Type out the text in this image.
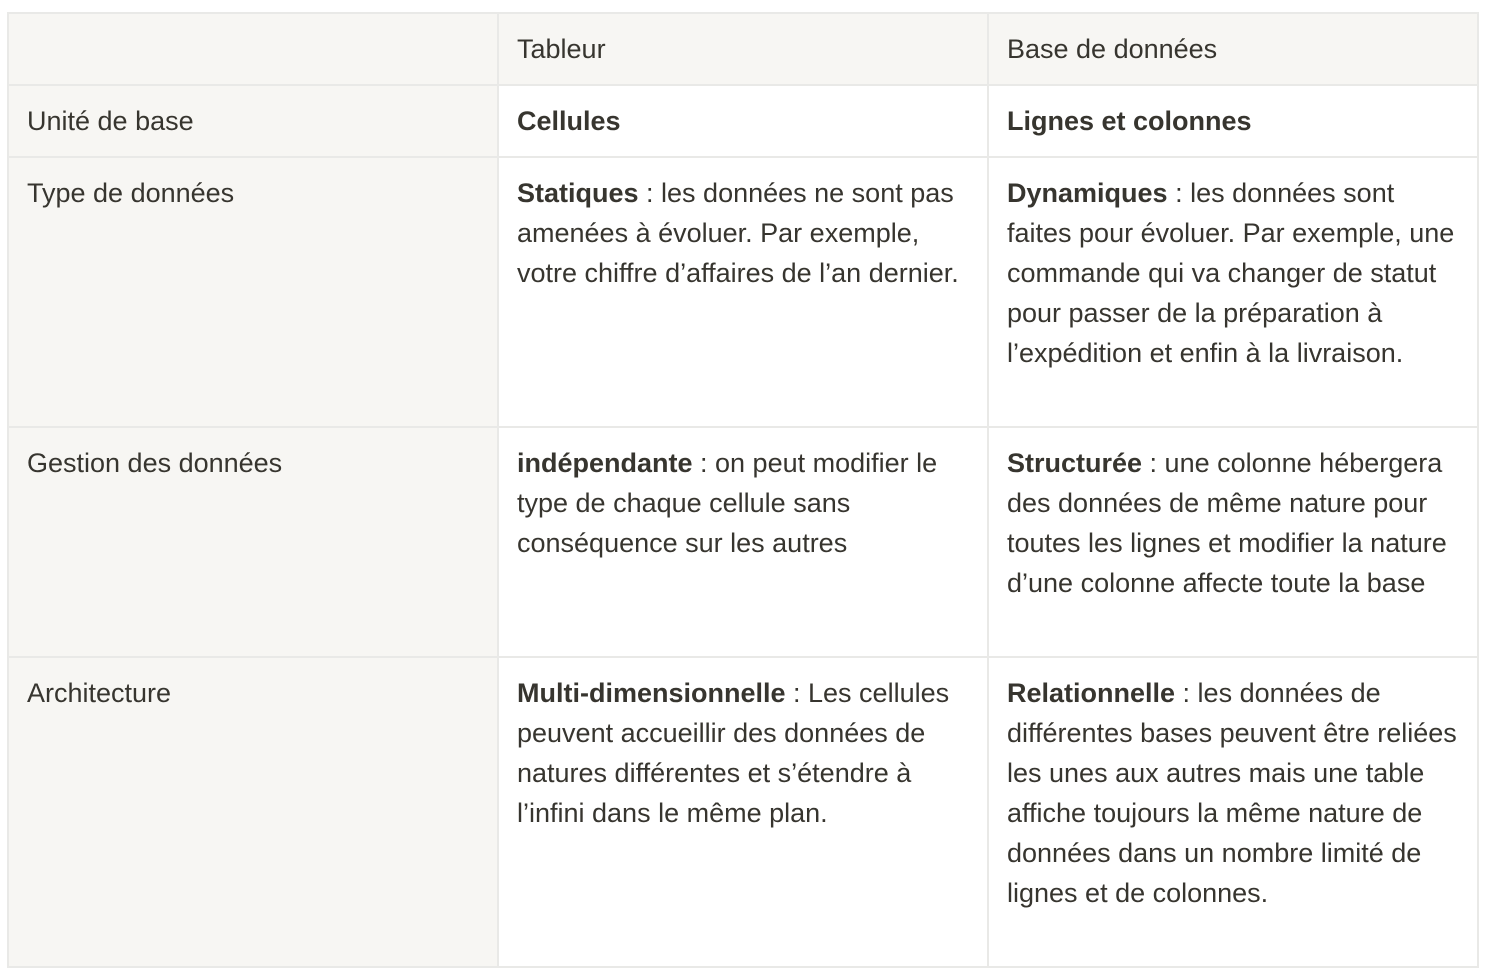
	Tableur	Base de données
Unité de base	Cellules	Lignes et colonnes
Type de données	Statiques : les données ne sont pas amenées à évoluer. Par exemple, votre chiffre d’affaires de l’an dernier.	Dynamiques : les données sont faites pour évoluer. Par exemple, une commande qui va changer de statut pour passer de la préparation à l’expédition et enfin à la livraison.
Gestion des données	indépendante : on peut modifier le type de chaque cellule sans conséquence sur les autres	Structurée : une colonne hébergera des données de même nature pour toutes les lignes et modifier la nature d’une colonne affecte toute la base
Architecture	Multi-dimensionnelle : Les cellules peuvent accueillir des données de natures différentes et s’étendre à l’infini dans le même plan.	Relationnelle : les données de différentes bases peuvent être reliées les unes aux autres mais une table affiche toujours la même nature de données dans un nombre limité de lignes et de colonnes.
